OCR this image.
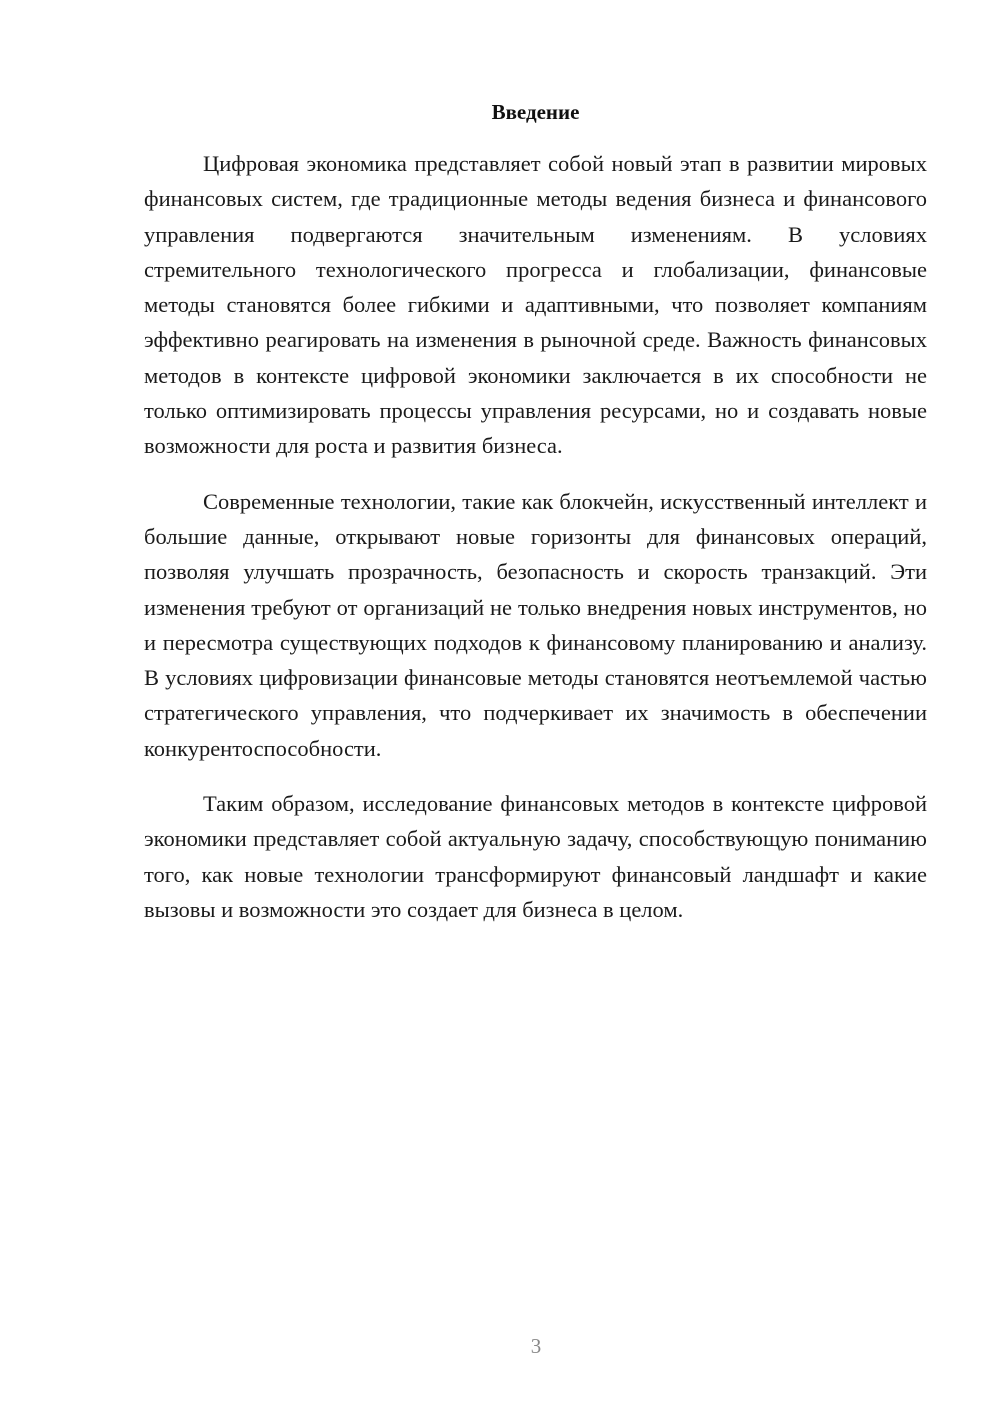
Введение

Цифровая экономика представляет собой новый этап в развитии мировых финансовых систем, где традиционные методы ведения бизнеса и финансового управления подвергаются значительным изменениям. В условиях стремительного технологического прогресса и глобализации, финансовые методы становятся более гибкими и адаптивными, что позволяет компаниям эффективно реагировать на изменения в рыночной среде. Важность финансовых методов в контексте цифровой экономики заключается в их способности не только оптимизировать процессы управления ресурсами, но и создавать новые возможности для роста и развития бизнеса.

Современные технологии, такие как блокчейн, искусственный интеллект и большие данные, открывают новые горизонты для финансовых операций, позволяя улучшать прозрачность, безопасность и скорость транзакций. Эти изменения требуют от организаций не только внедрения новых инструментов, но и пересмотра существующих подходов к финансовому планированию и анализу. В условиях цифровизации финансовые методы становятся неотъемлемой частью стратегического управления, что подчеркивает их значимость в обеспечении конкурентоспособности.

Таким образом, исследование финансовых методов в контексте цифровой экономики представляет собой актуальную задачу, способствующую пониманию того, как новые технологии трансформируют финансовый ландшафт и какие вызовы и возможности это создает для бизнеса в целом.

3
